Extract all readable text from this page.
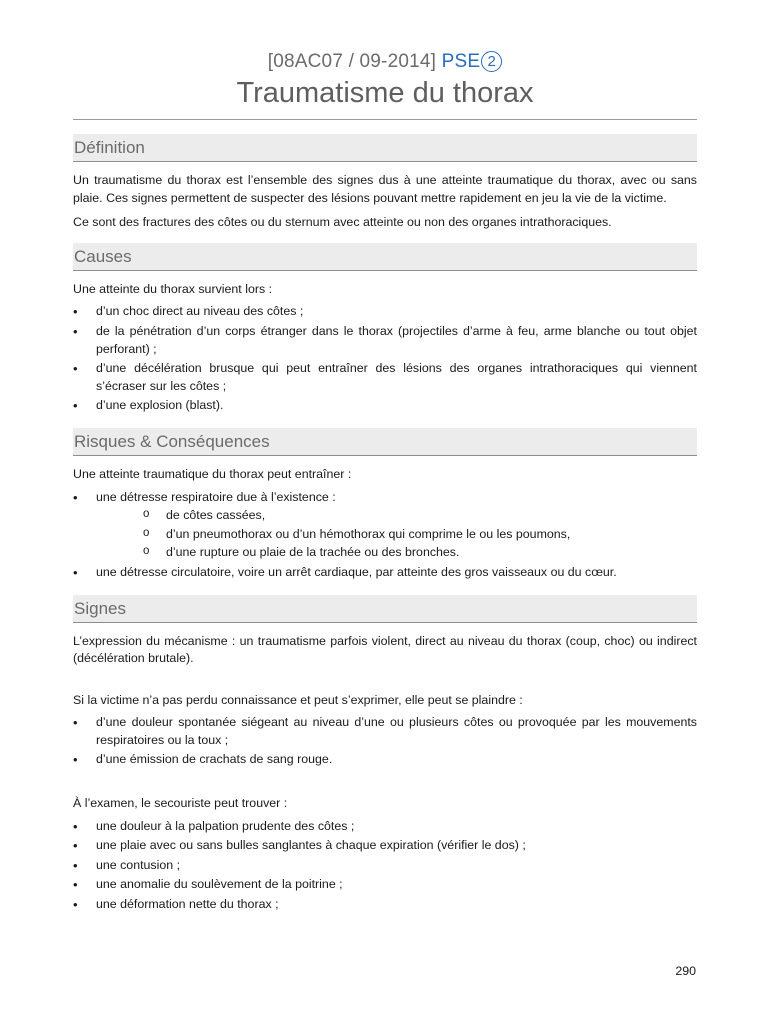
[08AC07 / 09-2014] PSE 2
Traumatisme du thorax
Définition

Un traumatisme du thorax est l’ensemble des signes dus à une atteinte traumatique du thorax, avec ou sans plaie. Ces signes permettent de suspecter des lésions pouvant mettre rapidement en jeu la vie de la victime.

Ce sont des fractures des côtes ou du sternum avec atteinte ou non des organes intrathoraciques.

Causes

Une atteinte du thorax survient lors :

• d’un choc direct au niveau des côtes ;
• de la pénétration d’un corps étranger dans le thorax (projectiles d’arme à feu, arme blanche ou tout objet perforant) ;
• d’une décélération brusque qui peut entraîner des lésions des organes intrathoraciques qui viennent s’écraser sur les côtes ;
• d’une explosion (blast).
Risques & Conséquences

Une atteinte traumatique du thorax peut entraîner :

• une détresse respiratoire due à l’existence :
o de côtes cassées,
o d’un pneumothorax ou d’un hémothorax qui comprime le ou les poumons,
o d’une rupture ou plaie de la trachée ou des bronches.
• une détresse circulatoire, voire un arrêt cardiaque, par atteinte des gros vaisseaux ou du cœur.
Signes

L’expression du mécanisme : un traumatisme parfois violent, direct au niveau du thorax (coup, choc) ou indirect (décélération brutale).

Si la victime n’a pas perdu connaissance et peut s’exprimer, elle peut se plaindre :

• d’une douleur spontanée siégeant au niveau d’une ou plusieurs côtes ou provoquée par les mouvements respiratoires ou la toux ;
• d’une émission de crachats de sang rouge.

À l’examen, le secouriste peut trouver :

• une douleur à la palpation prudente des côtes ;
• une plaie avec ou sans bulles sanglantes à chaque expiration (vérifier le dos) ;
• une contusion ;
• une anomalie du soulèvement de la poitrine ;
• une déformation nette du thorax ;
290
